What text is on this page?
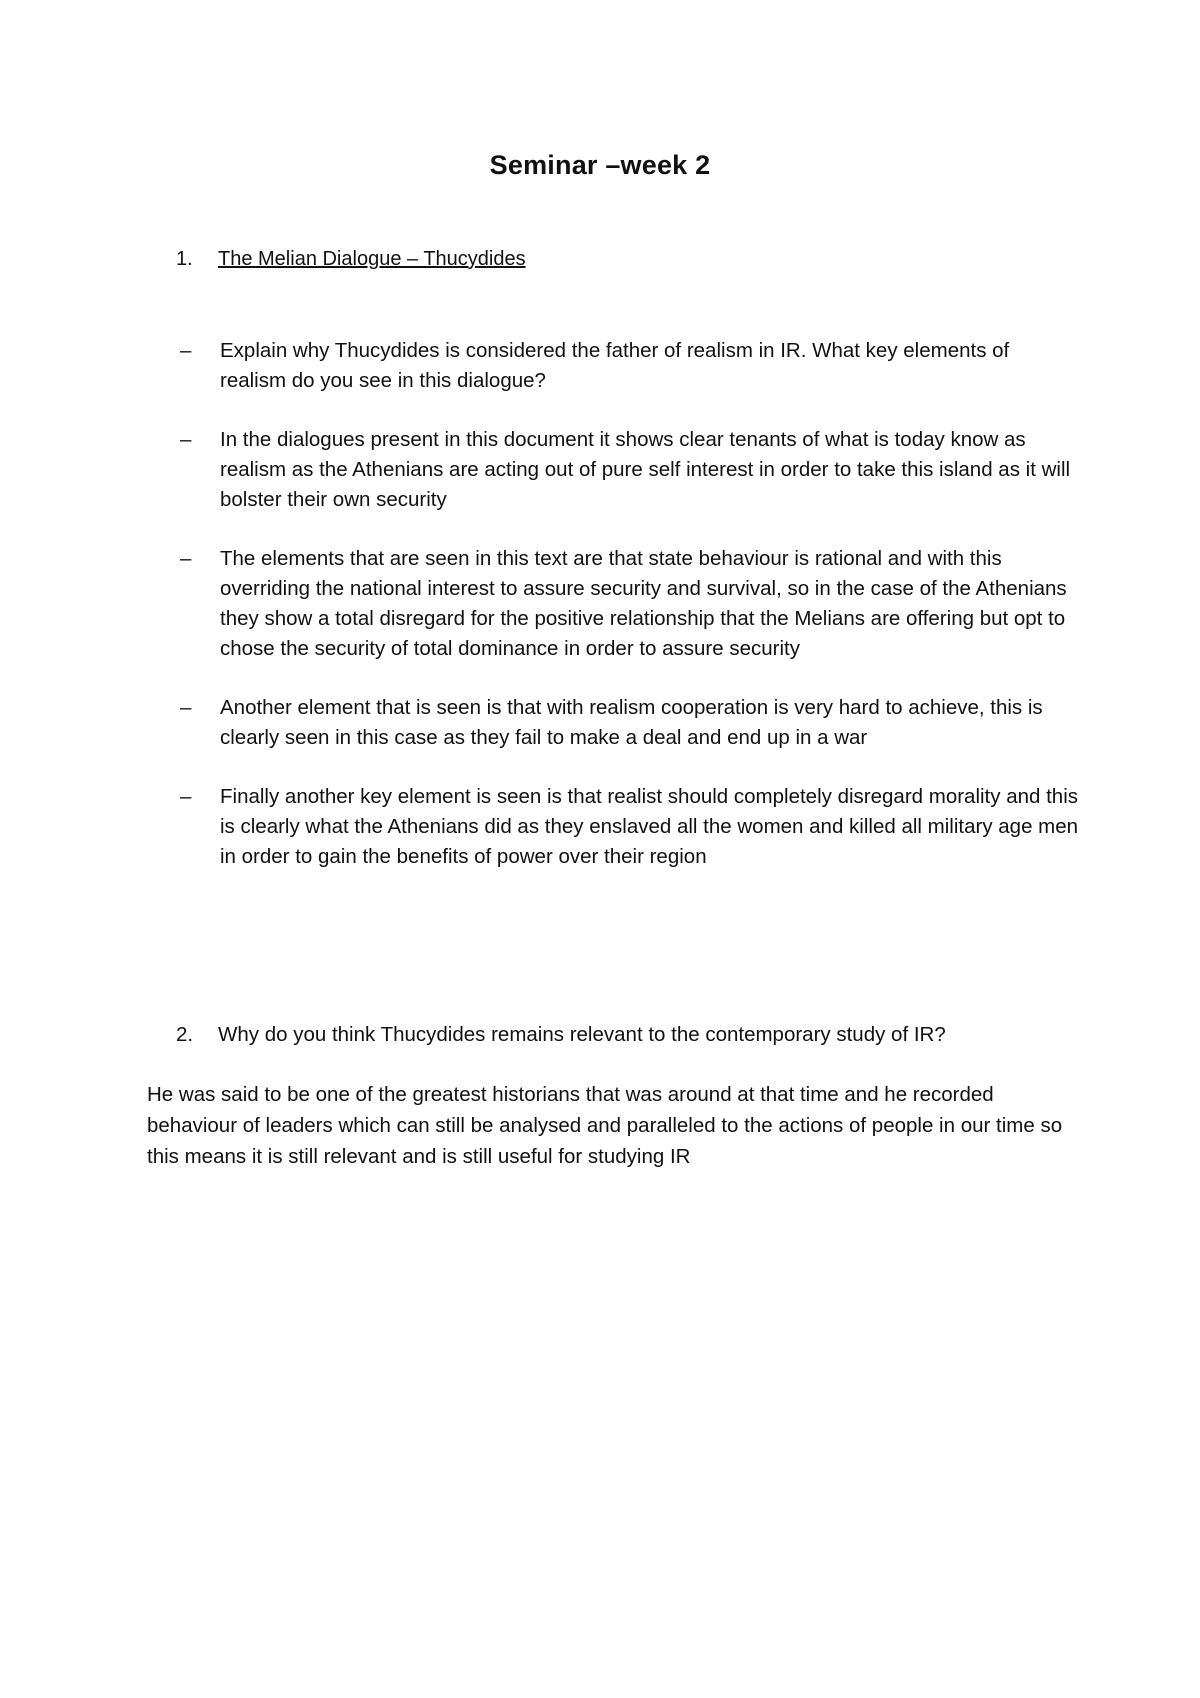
Seminar –week 2
1. The Melian Dialogue – Thucydides
–	Explain why Thucydides is considered the father of realism in IR. What key elements of realism do you see in this dialogue?
–	In the dialogues present in this document it shows clear tenants of what is today know as realism as the Athenians are acting out of pure self interest in order to take this island as it will bolster their own security
–	The elements that are seen in this text are that state behaviour is rational and with this overriding the national interest to assure security and survival, so in the case of the Athenians they show a total disregard for the positive relationship that the Melians are offering but opt to chose the security of total dominance in order to assure security
–	Another element that is seen is that with realism cooperation is very hard to achieve, this is clearly seen in this case as they fail to make a deal and end up in a war
–	Finally another key element is seen is that realist should completely disregard morality and this is clearly what the Athenians did as they enslaved all the women and killed all military age men in order to gain the benefits of power over their region
2. Why do you think Thucydides remains relevant to the contemporary study of IR?

He was said to be one of the greatest historians that was around at that time and he recorded behaviour of leaders which can still be analysed and paralleled to the actions of people in our time so this means it is still relevant and is still useful for studying IR
